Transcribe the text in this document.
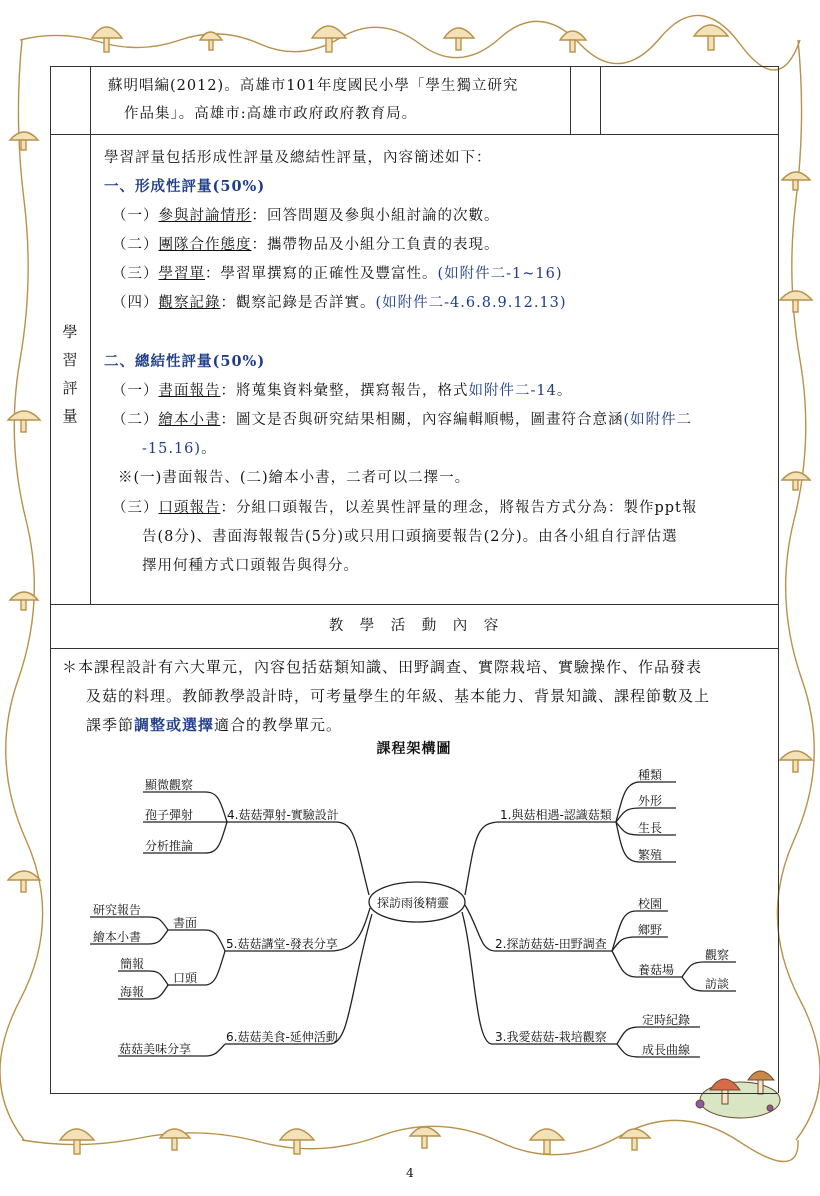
蘇明唱編(2012)。高雄市101年度國民小學「學生獨立研究
作品集」。高雄市:高雄市政府政府教育局。
學
習
評
量
學習評量包括形成性評量及總結性評量，內容簡述如下：
一、形成性評量(50%)
（一）參與討論情形：回答問題及參與小組討論的次數。
（二）團隊合作態度：攜帶物品及小組分工負責的表現。
（三）學習單：學習單撰寫的正確性及豐富性。(如附件二-1~16)
（四）觀察記錄：觀察記錄是否詳實。(如附件二-4.6.8.9.12.13)
二、總結性評量(50%)
（一）書面報告：將蒐集資料彙整，撰寫報告，格式如附件二-14。
（二）繪本小書：圖文是否與研究結果相關，內容編輯順暢，圖畫符合意涵(如附件二
-15.16)。
※(一)書面報告、(二)繪本小書，二者可以二擇一。
（三）口頭報告：分組口頭報告，以差異性評量的理念，將報告方式分為：製作ppt報
告(8分)、書面海報報告(5分)或只用口頭摘要報告(2分)。由各小組自行評估選
擇用何種方式口頭報告與得分。
教　學　活　動　內　容
＊本課程設計有六大單元，內容包括菇類知識、田野調查、實際栽培、實驗操作、作品發表
及菇的料理。教師教學設計時，可考量學生的年級、基本能力、背景知識、課程節數及上
課季節調整或選擇適合的教學單元。
課程架構圖
探訪雨後精靈
1.與菇相遇-認識菇類
種類
外形
生長
繁殖
2.探訪菇菇-田野調查
校園
鄉野
養菇場
觀察
訪談
3.我愛菇菇-栽培觀察
定時紀錄
成長曲線
4.菇菇彈射-實驗設計
顯微觀察
孢子彈射
分析推論
5.菇菇講堂-發表分享
書面
口頭
研究報告
繪本小書
簡報
海報
6.菇菇美食-延伸活動
菇菇美味分享
4
